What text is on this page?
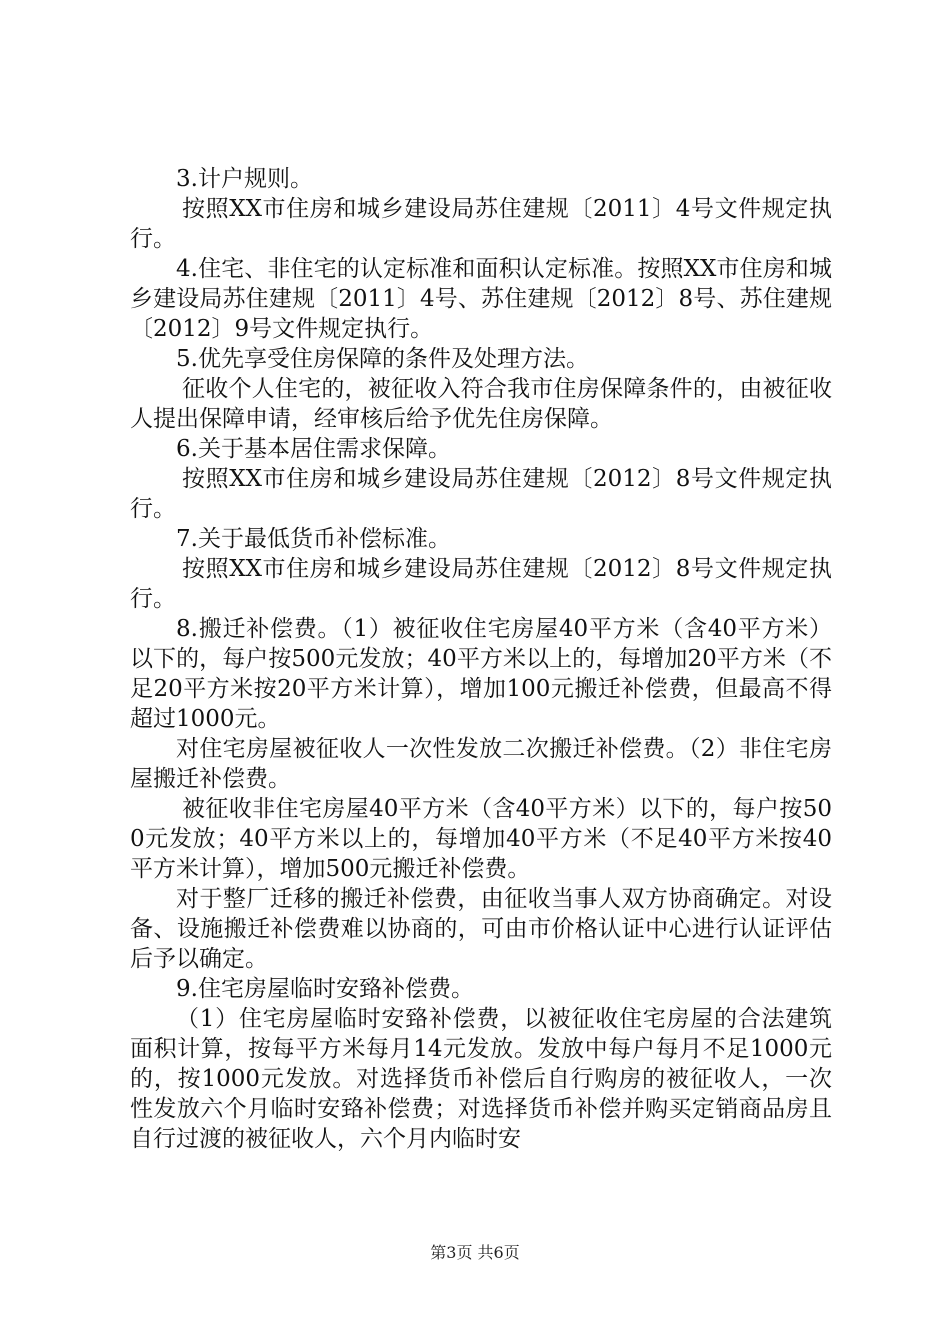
3.计户规则。

按照XX市住房和城乡建设局苏住建规〔2011〕4号文件规定执行。

4.住宅、非住宅的认定标准和面积认定标准。按照XX市住房和城乡建设局苏住建规〔2011〕4号、苏住建规〔2012〕8号、苏住建规〔2012〕9号文件规定执行。

5.优先享受住房保障的条件及处理方法。

征收个人住宅的，被征收入符合我市住房保障条件的，由被征收人提出保障申请，经审核后给予优先住房保障。

6.关于基本居住需求保障。

按照XX市住房和城乡建设局苏住建规〔2012〕8号文件规定执行。

7.关于最低货币补偿标准。

按照XX市住房和城乡建设局苏住建规〔2012〕8号文件规定执行。

8.搬迁补偿费。（1）被征收住宅房屋40平方米（含40平方米）以下的，每户按500元发放；40平方米以上的，每增加20平方米（不足20平方米按20平方米计算），增加100元搬迁补偿费，但最高不得超过1000元。

对住宅房屋被征收人一次性发放二次搬迁补偿费。（2）非住宅房屋搬迁补偿费。

被征收非住宅房屋40平方米（含40平方米）以下的，每户按500元发放；40平方米以上的，每增加40平方米（不足40平方米按40平方米计算），增加500元搬迁补偿费。

对于整厂迁移的搬迁补偿费，由征收当事人双方协商确定。对设备、设施搬迁补偿费难以协商的，可由市价格认证中心进行认证评估后予以确定。

9.住宅房屋临时安臵补偿费。

（1）住宅房屋临时安臵补偿费，以被征收住宅房屋的合法建筑面积计算，按每平方米每月14元发放。发放中每户每月不足1000元的，按1000元发放。对选择货币补偿后自行购房的被征收人，一次性发放六个月临时安臵补偿费；对选择货币补偿并购买定销商品房且自行过渡的被征收人，六个月内临时安

第3页 共6页
